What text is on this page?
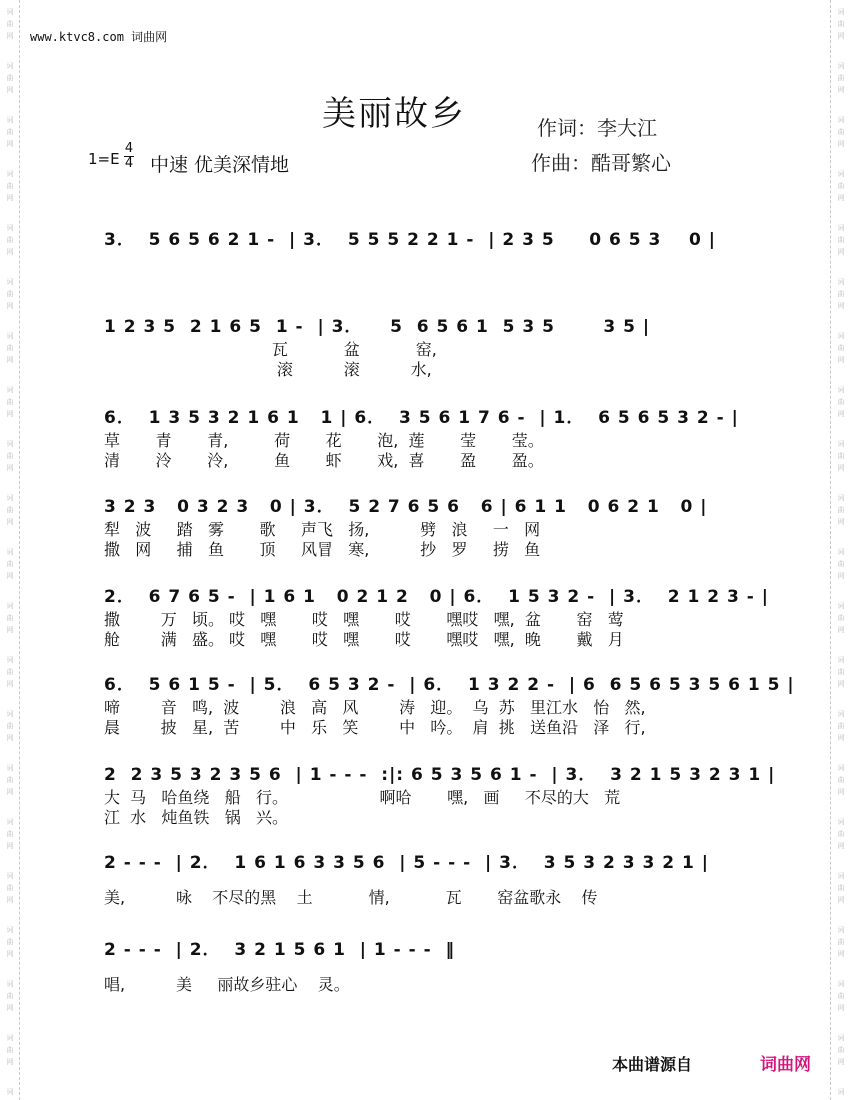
词
曲
网
词
曲
网
词
曲
网
词
曲
网
词
曲
网
词
曲
网
词
曲
网
词
曲
网
词
曲
网
词
曲
网
词
曲
网
词
曲
网
词
曲
网
词
曲
网
词
曲
网
词
曲
网
词
曲
网
词
曲
网
词
曲
网
词
曲
网
词
词
曲
网
词
曲
网
词
曲
网
词
曲
网
词
曲
网
词
曲
网
词
曲
网
词
曲
网
词
曲
网
词
曲
网
词
曲
网
词
曲
网
词
曲
网
词
曲
网
词
曲
网
词
曲
网
词
曲
网
词
曲
网
词
曲
网
词
曲
网
词
www.ktvc8.com 词曲网
美丽故乡	作词：李大江
作曲：酷哥繁心
1=E
4
4 中速 优美深情地
3．  5 6 5 6 2 1 -  | 3．  5 5 5 2 2 1 -  | 2 3 5     0 6 5 3    0 |
1 2 3 5  2 1 6 5  1 -  | 3．    5  6 5 6 1  5 3 5       3 5 |
瓦           盆           窑,
滚          滚          水,
6．  1 3 5 3 2 1 6 1   1 | 6．  3 5 6 1 7 6 -  | 1．  6 5 6 5 3 2 - |
草       青       青,         荷       花       泡,  莲       莹       莹。
清       泠       泠,         鱼       虾       戏,  喜       盈       盈。
3 2 3   0 3 2 3   0 | 3．  5 2 7 6 5 6   6 | 6 1 1   0 6 2 1   0 |
犁   波     踏   雾       歌     声飞   扬,          劈   浪     一   网
撒   网     捕   鱼       顶     风冒   寒,          抄   罗     捞   鱼
2．  6 7 6 5 -  | 1 6 1   0 2 1 2   0 | 6．  1 5 3 2 -  | 3．  2 1 2 3 - |
撒        万   顷。 哎   嘿       哎   嘿       哎       嘿哎   嘿,  盆       窑   莺
舱        满   盛。 哎   嘿       哎   嘿       哎       嘿哎   嘿,  晚       戴   月
6．  5 6 1 5 -  | 5．  6 5 3 2 -  | 6．  1 3 2 2 -  | 6  6 5 6 5 3 5 6 1 5 |
啼        音   鸣,  波        浪   高   风        涛   迎。  乌  苏   里江水   怡   然,
晨        披   星,  苦        中   乐   笑        中   吟。  肩  挑   送鱼沿   泽   行,
2  2 3 5 3 2 3 5 6  | 1 - - -  :|: 6 5 3 5 6 1 -  | 3．  3 2 1 5 3 2 3 1 |
大  马   哈鱼绕   船   行。                  啊哈       嘿,   画     不尽的大   荒
江  水   炖鱼铁   锅   兴。
2 - - -  | 2．  1 6 1 6 3 3 5 6  | 5 - - -  | 3．  3 5 3 2 3 3 2 1 |
美,          咏    不尽的黑    土           情,           瓦       窑盆歌永    传
2 - - -  | 2．  3 2 1 5 6 1  | 1 - - -  ‖
唱,          美     丽故乡驻心    灵。
本曲谱源自	词曲网
